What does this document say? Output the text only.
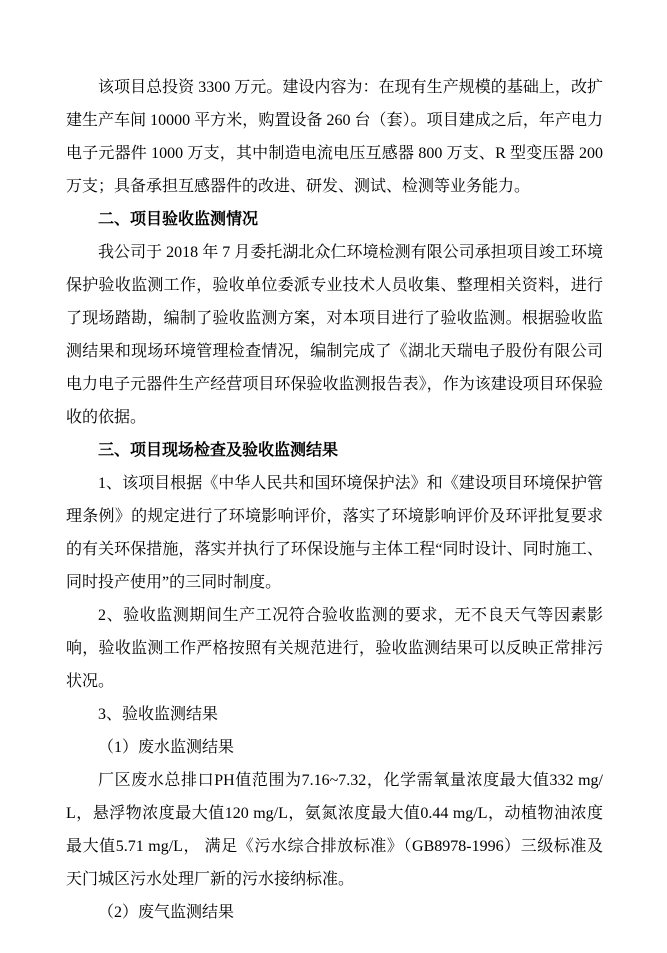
该项目总投资 3300 万元。建设内容为：在现有生产规模的基础上，改扩建生产车间 10000 平方米，购置设备 260 台（套）。项目建成之后，年产电力电子元器件 1000 万支，其中制造电流电压互感器 800 万支、R 型变压器 200 万支；具备承担互感器件的改进、研发、测试、检测等业务能力。

二、项目验收监测情况

我公司于 2018 年 7 月委托湖北众仁环境检测有限公司承担项目竣工环境保护验收监测工作，验收单位委派专业技术人员收集、整理相关资料，进行了现场踏勘，编制了验收监测方案，对本项目进行了验收监测。根据验收监测结果和现场环境管理检查情况，编制完成了《湖北天瑞电子股份有限公司电力电子元器件生产经营项目环保验收监测报告表》，作为该建设项目环保验收的依据。

三、项目现场检查及验收监测结果

1、该项目根据《中华人民共和国环境保护法》和《建设项目环境保护管理条例》的规定进行了环境影响评价，落实了环境影响评价及环评批复要求的有关环保措施，落实并执行了环保设施与主体工程“同时设计、同时施工、同时投产使用”的三同时制度。

2、验收监测期间生产工况符合验收监测的要求，无不良天气等因素影响，验收监测工作严格按照有关规范进行，验收监测结果可以反映正常排污状况。

3、验收监测结果

（1）废水监测结果

厂区废水总排口PH值范围为7.16~7.32，化学需氧量浓度最大值332 mg/L，悬浮物浓度最大值120 mg/L，氨氮浓度最大值0.44 mg/L，动植物油浓度最大值5.71 mg/L， 满足《污水综合排放标准》（GB8978-1996）三级标准及天门城区污水处理厂新的污水接纳标准。

（2）废气监测结果
